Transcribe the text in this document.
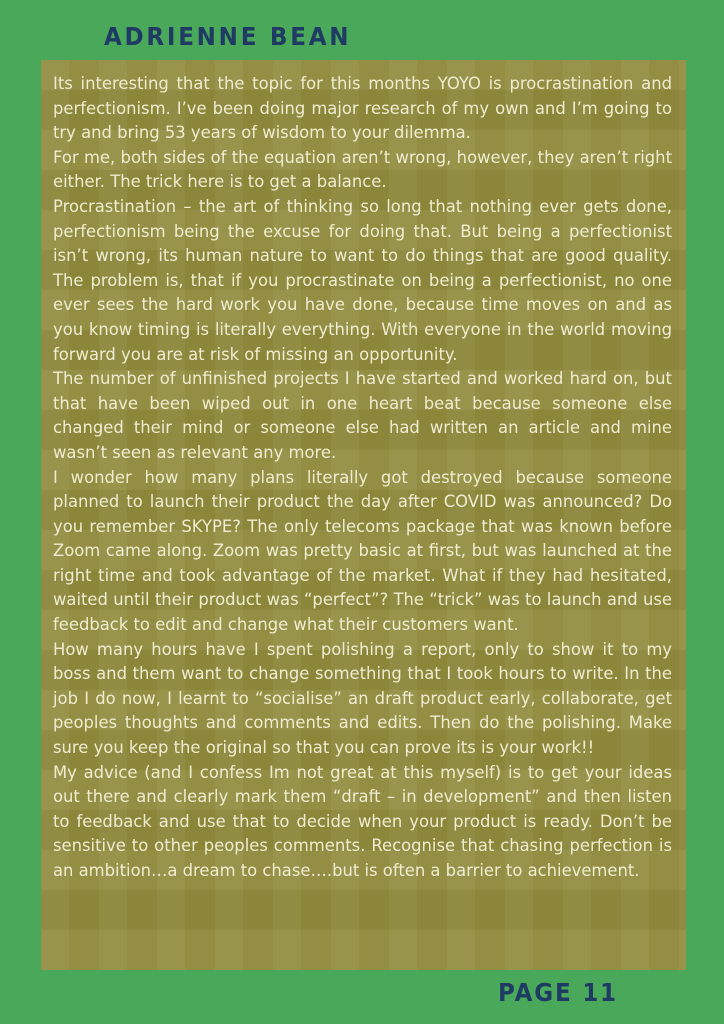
ADRIENNE BEAN

Its interesting that the topic for this months YOYO is procrastination and perfectionism. I’ve been doing major research of my own and I’m going to try and bring 53 years of wisdom to your dilemma.

For me, both sides of the equation aren’t wrong, however, they aren’t right either. The trick here is to get a balance.

Procrastination – the art of thinking so long that nothing ever gets done, perfectionism being the excuse for doing that. But being a perfectionist isn’t wrong, its human nature to want to do things that are good quality. The problem is, that if you procrastinate on being a perfectionist, no one ever sees the hard work you have done, because time moves on and as you know timing is literally everything. With everyone in the world moving forward you are at risk of missing an opportunity.

The number of unfinished projects I have started and worked hard on, but that have been wiped out in one heart beat because someone else changed their mind or someone else had written an article and mine wasn’t seen as relevant any more.

I wonder how many plans literally got destroyed because someone planned to launch their product the day after COVID was announced? Do you remember SKYPE? The only telecoms package that was known before Zoom came along. Zoom was pretty basic at first, but was launched at the right time and took advantage of the market. What if they had hesitated, waited until their product was “perfect”? The “trick” was to launch and use feedback to edit and change what their customers want.

How many hours have I spent polishing a report, only to show it to my boss and them want to change something that I took hours to write. In the job I do now, I learnt to “socialise” an draft product early, collaborate, get peoples thoughts and comments and edits. Then do the polishing. Make sure you keep the original so that you can prove its is your work!!

My advice (and I confess Im not great at this myself) is to get your ideas out there and clearly mark them “draft – in development” and then listen to feedback and use that to decide when your product is ready. Don’t be sensitive to other peoples comments. Recognise that chasing perfection is an ambition…a dream to chase….but is often a barrier to achievement.

PAGE 11
